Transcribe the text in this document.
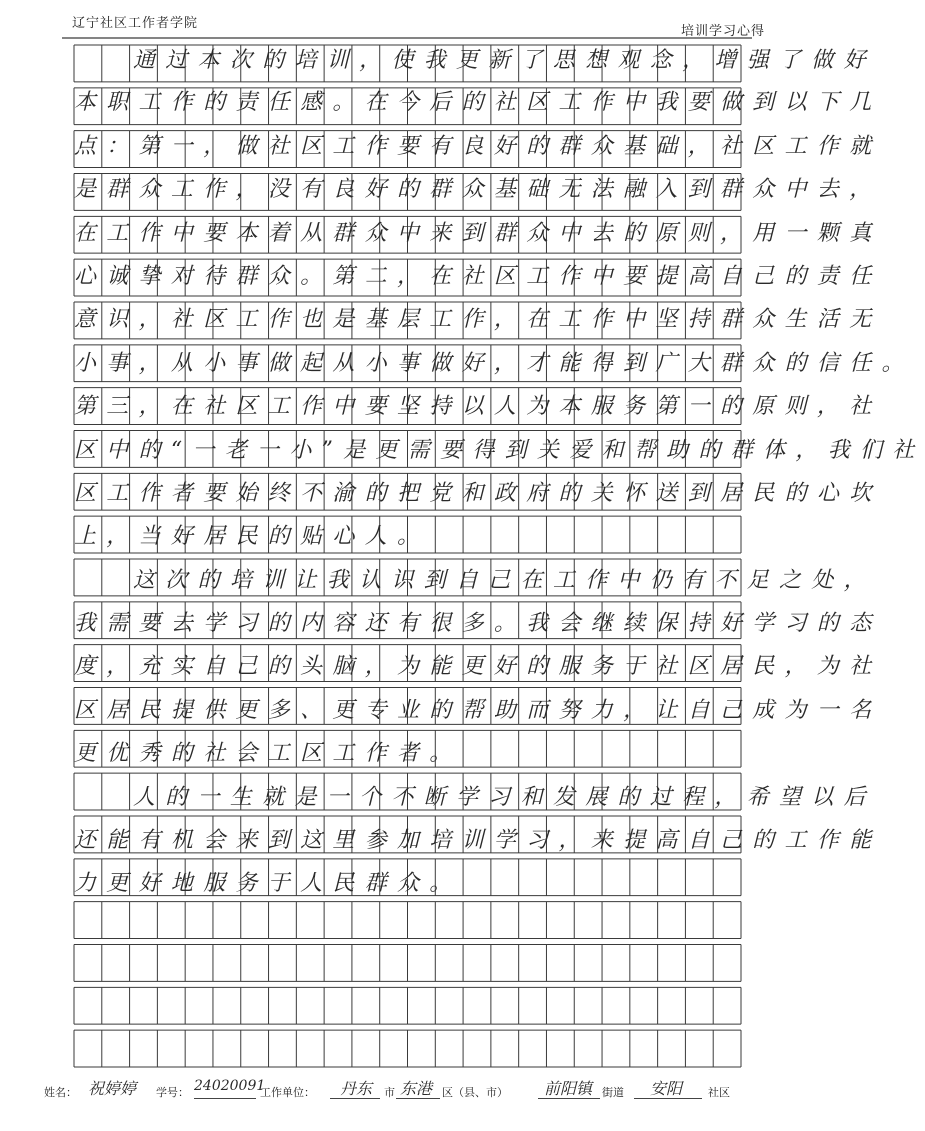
辽宁社区工作者学院
培训学习心得
通过本次的培训，使我更新了思想观念，增强了做好
本职工作的责任感。在今后的社区工作中我要做到以下几
点：第一，做社区工作要有良好的群众基础，社区工作就
是群众工作，没有良好的群众基础无法融入到群众中去，
在工作中要本着从群众中来到群众中去的原则，用一颗真
心诚挚对待群众。第二，在社区工作中要提高自己的责任
意识，社区工作也是基层工作，在工作中坚持群众生活无
小事，从小事做起从小事做好，才能得到广大群众的信任。
第三，在社区工作中要坚持以人为本服务第一的原则，社
区中的“一老一小”是更需要得到关爱和帮助的群体，我们社
区工作者要始终不渝的把党和政府的关怀送到居民的心坎
上，当好居民的贴心人。
这次的培训让我认识到自己在工作中仍有不足之处，
我需要去学习的内容还有很多。我会继续保持好学习的态
度，充实自己的头脑，为能更好的服务于社区居民，为社
区居民提供更多、更专业的帮助而努力，让自己成为一名
更优秀的社会工区工作者。
人的一生就是一个不断学习和发展的过程，希望以后
还能有机会来到这里参加培训学习，来提高自己的工作能
力更好地服务于人民群众。
姓名： 祝婷婷 学号： 24020091
工作单位： 丹东 市 东港 区（县、市） 前阳镇 街道 安阳 社区
